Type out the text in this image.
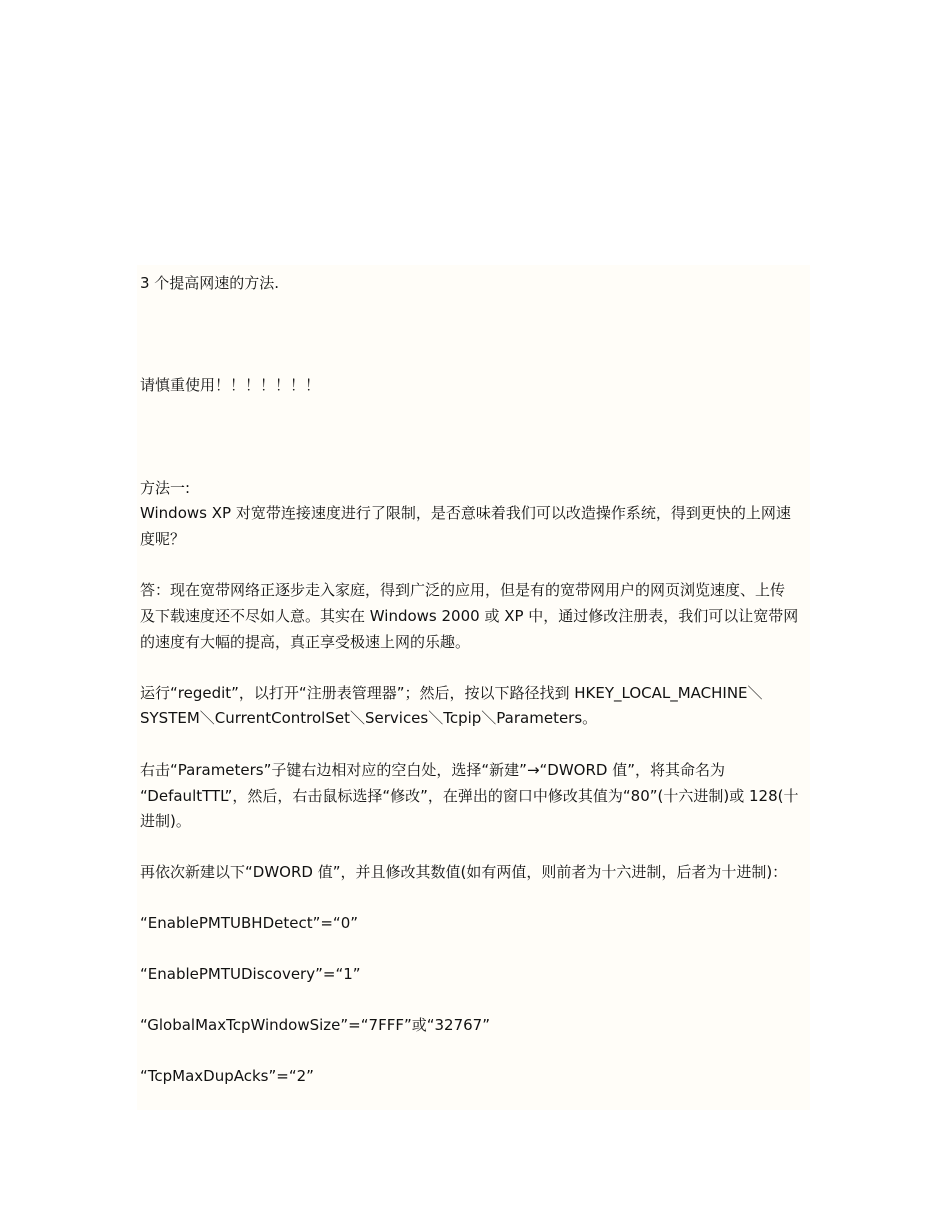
3 个提高网速的方法.
请慎重使用！！！！！！！
方法一:
Windows XP 对宽带连接速度进行了限制，是否意味着我们可以改造操作系统，得到更快的上网速
度呢？
答：现在宽带网络正逐步走入家庭，得到广泛的应用，但是有的宽带网用户的网页浏览速度、上传
及下载速度还不尽如人意。其实在 Windows 2000 或 XP 中，通过修改注册表，我们可以让宽带网
的速度有大幅的提高，真正享受极速上网的乐趣。
运行“regedit”，以打开“注册表管理器”；然后，按以下路径找到 HKEY_LOCAL_MACHINE＼
SYSTEM＼CurrentControlSet＼Services＼Tcpip＼Parameters。
右击“Parameters”子键右边相对应的空白处，选择“新建”→“DWORD 值”，将其命名为
“DefaultTTL”，然后，右击鼠标选择“修改”，在弹出的窗口中修改其值为“80”(十六进制)或 128(十
进制)。
再依次新建以下“DWORD 值”，并且修改其数值(如有两值，则前者为十六进制，后者为十进制)：
“EnablePMTUBHDetect”=“0”
“EnablePMTUDiscovery”=“1”
“GlobalMaxTcpWindowSize”=“7FFF”或“32767”
“TcpMaxDupAcks”=“2”
